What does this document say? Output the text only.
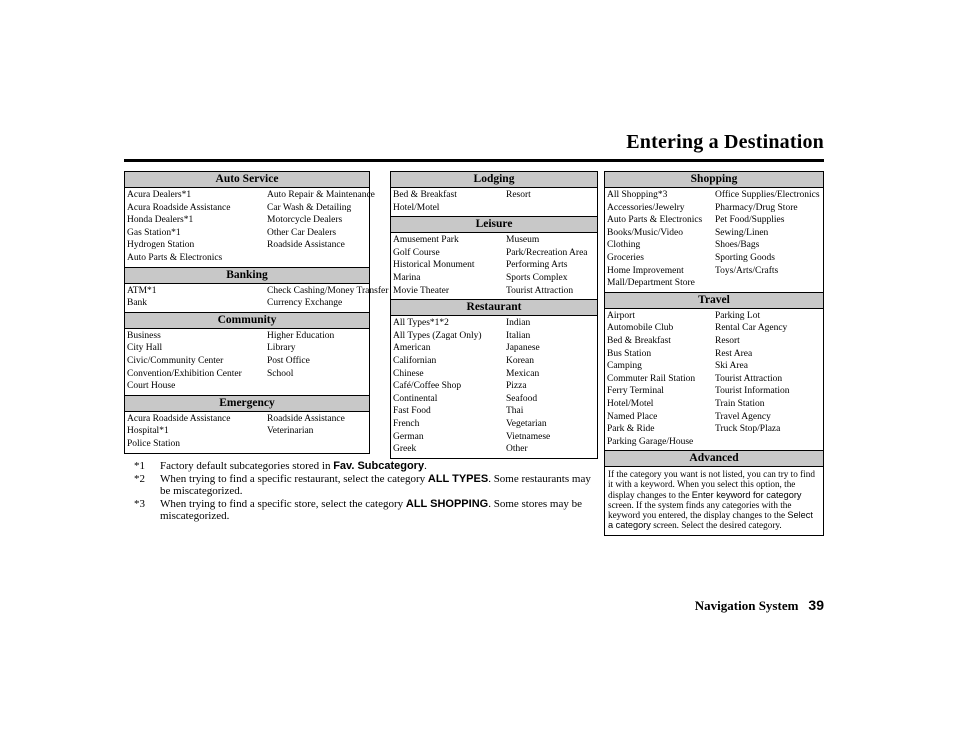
Entering a Destination
Auto Service
Acura Dealers*1	Auto Repair & Maintenance
Acura Roadside Assistance	Car Wash & Detailing
Honda Dealers*1	Motorcycle Dealers
Gas Station*1	Other Car Dealers
Hydrogen Station	Roadside Assistance
Auto Parts & Electronics
Banking
ATM*1	Check Cashing/Money Transfer
Bank	Currency Exchange
Community
Business	Higher Education
City Hall	Library
Civic/Community Center	Post Office
Convention/Exhibition Center	School
Court House
Emergency
Acura Roadside Assistance	Roadside Assistance
Hospital*1	Veterinarian
Police Station
Lodging
Bed & Breakfast	Resort
Hotel/Motel
Leisure
Amusement Park	Museum
Golf Course	Park/Recreation Area
Historical Monument	Performing Arts
Marina	Sports Complex
Movie Theater	Tourist Attraction
Restaurant
All Types*1*2	Indian
All Types (Zagat Only)	Italian
American	Japanese
Californian	Korean
Chinese	Mexican
Café/Coffee Shop	Pizza
Continental	Seafood
Fast Food	Thai
French	Vegetarian
German	Vietnamese
Greek	Other
Shopping
All Shopping*3	Office Supplies/Electronics
Accessories/Jewelry	Pharmacy/Drug Store
Auto Parts & Electronics	Pet Food/Supplies
Books/Music/Video	Sewing/Linen
Clothing	Shoes/Bags
Groceries	Sporting Goods
Home Improvement	Toys/Arts/Crafts
Mall/Department Store
Travel
Airport	Parking Lot
Automobile Club	Rental Car Agency
Bed & Breakfast	Resort
Bus Station	Rest Area
Camping	Ski Area
Commuter Rail Station	Tourist Attraction
Ferry Terminal	Tourist Information
Hotel/Motel	Train Station
Named Place	Travel Agency
Park & Ride	Truck Stop/Plaza
Parking Garage/House
Advanced
If the category you want is not listed, you can try to find it with a keyword. When you select this option, the display changes to the Enter keyword for category screen. If the system finds any categories with the keyword you entered, the display changes to the Select a category screen. Select the desired category.
*1	Factory default subcategories stored in Fav. Subcategory.
*2	When trying to find a specific restaurant, select the category ALL TYPES. Some restaurants may be miscategorized.
*3	When trying to find a specific store, select the category ALL SHOPPING. Some stores may be miscategorized.
Navigation System 39
